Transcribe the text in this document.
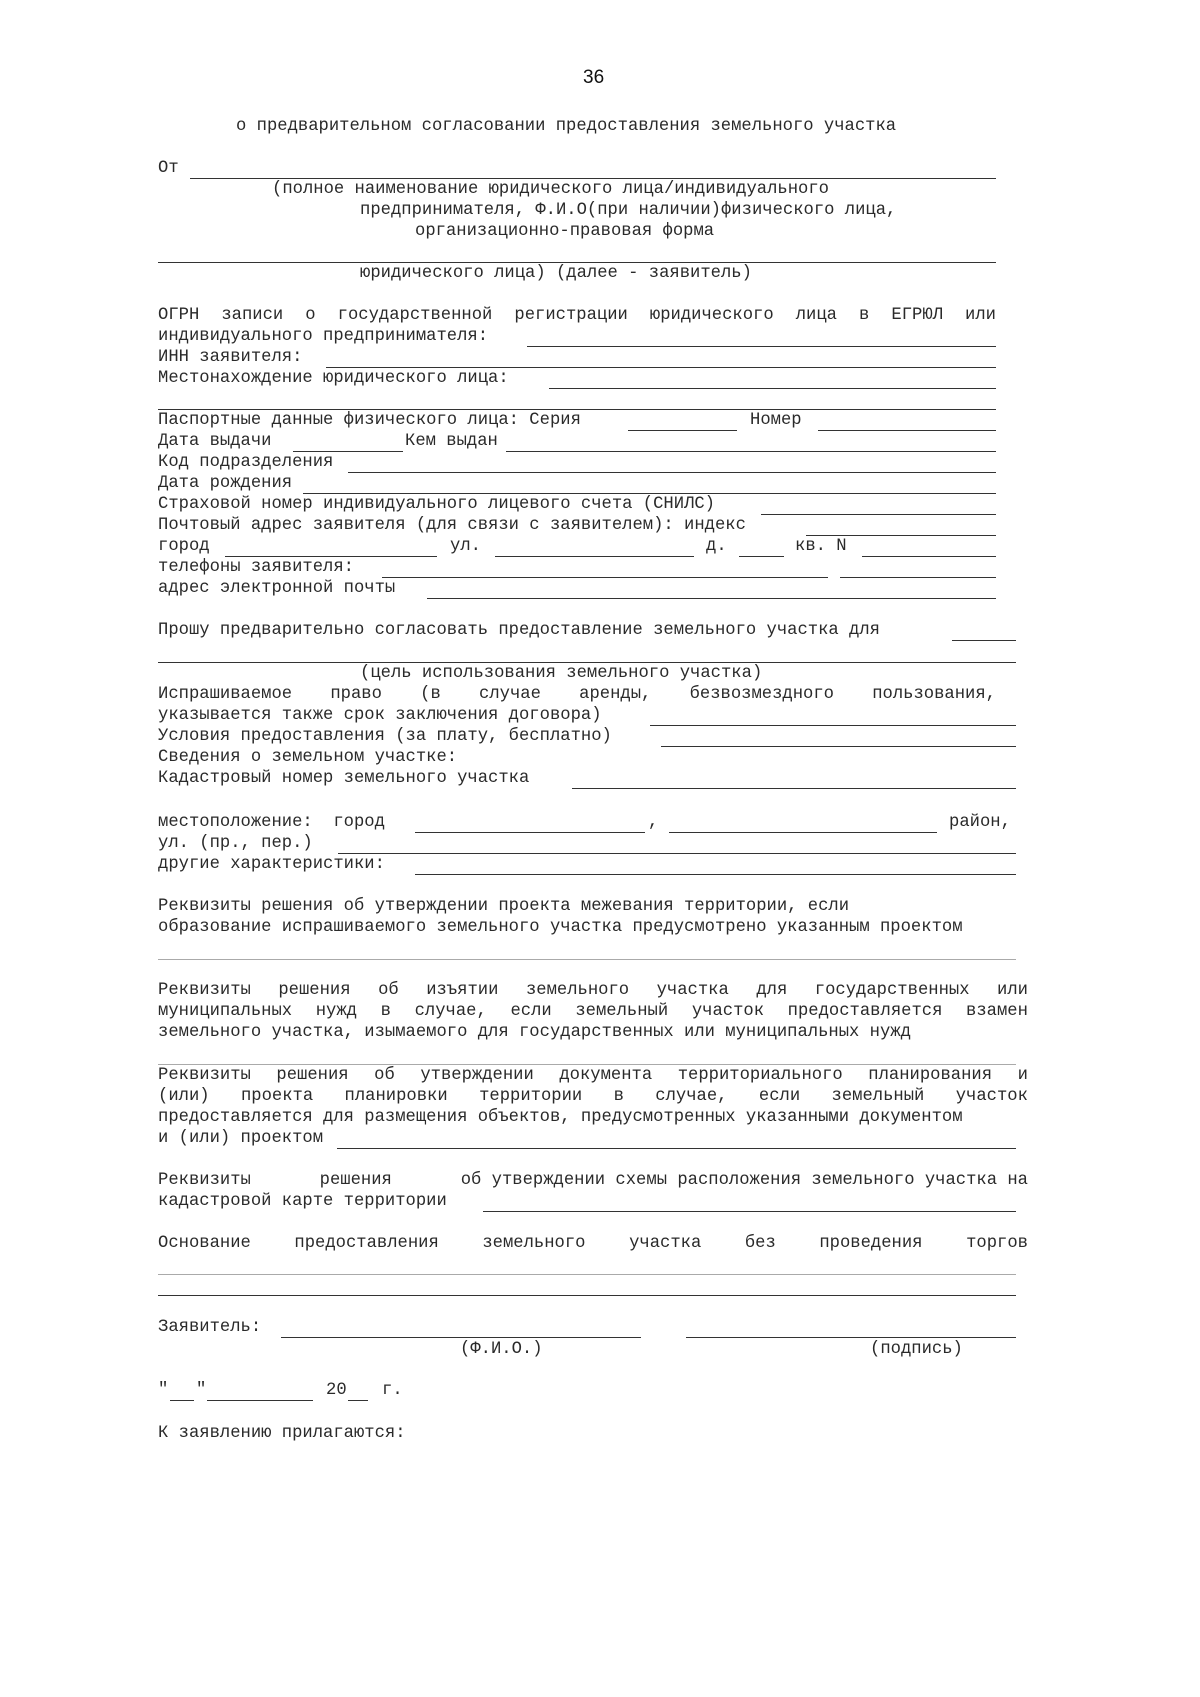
36
о предварительном согласовании предоставления земельного участка
От
(полное наименование юридического лица/индивидуального
предпринимателя, Ф.И.О(при наличии)физического лица,
организационно-правовая форма
юридического лица) (далее - заявитель)
ОГРН записи о государственной регистрации юридического лица в ЕГРЮЛ или
индивидуального предпринимателя:
ИНН заявителя:
Местонахождение юридического лица:
Паспортные данные физического лица: Серия	Номер
Дата выдачи	Кем выдан
Код подразделения
Дата рождения
Страховой номер индивидуального лицевого счета (СНИЛС)
Почтовый адрес заявителя (для связи с заявителем): индекс
город	ул.	д.	кв. N
телефоны заявителя:
адрес электронной почты
Прошу предварительно согласовать предоставление земельного участка для
(цель использования земельного участка)
Испрашиваемое право (в случае аренды, безвозмездного пользования,
указывается также срок заключения договора)
Условия предоставления (за плату, бесплатно)
Сведения о земельном участке:
Кадастровый номер земельного участка
местоположение:  город	,	район,
ул. (пр., пер.)
другие характеристики:
Реквизиты решения об утверждении проекта межевания территории, если
образование испрашиваемого земельного участка предусмотрено указанным проектом
Реквизиты решения об изъятии земельного участка для государственных или
муниципальных нужд в случае, если земельный участок предоставляется взамен
земельного участка, изымаемого для государственных или муниципальных нужд
Реквизиты решения об утверждении документа территориального планирования и
(или) проекта планировки территории в случае, если земельный участок
предоставляется для размещения объектов, предусмотренных указанными документом
и (или) проектом
Реквизиты	решения	об утверждении схемы расположения земельного участка на
кадастровой карте территории
Основание	предоставления	земельного	участка	без	проведения	торгов
Заявитель:
(Ф.И.О.)	(подпись)
" "	20 г.
К заявлению прилагаются:
